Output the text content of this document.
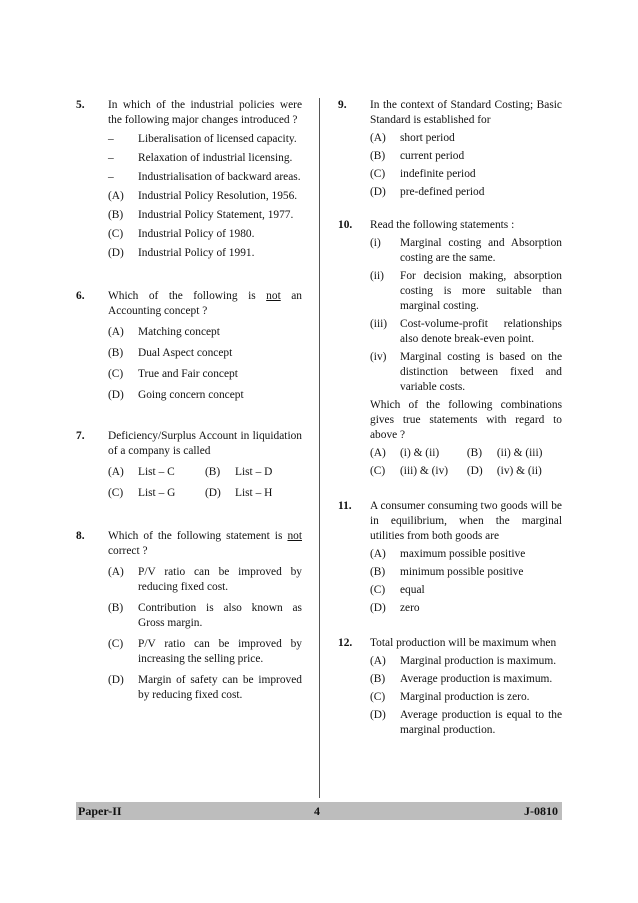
5. In which of the industrial policies were the following major changes introduced ?
– Liberalisation of licensed capacity.
– Relaxation of industrial licensing.
– Industrialisation of backward areas.
(A) Industrial Policy Resolution, 1956.
(B) Industrial Policy Statement, 1977.
(C) Industrial Policy of 1980.
(D) Industrial Policy of 1991.
6. Which of the following is not an Accounting concept ?
(A) Matching concept
(B) Dual Aspect concept
(C) True and Fair concept
(D) Going concern concept
7. Deficiency/Surplus Account in liquidation of a company is called
(A) List – C	(B) List – D
(C) List – G	(D) List – H
8. Which of the following statement is not correct ?
(A) P/V ratio can be improved by reducing fixed cost.
(B) Contribution is also known as Gross margin.
(C) P/V ratio can be improved by increasing the selling price.
(D) Margin of safety can be improved by reducing fixed cost.
9. In the context of Standard Costing; Basic Standard is established for
(A) short period
(B) current period
(C) indefinite period
(D) pre-defined period
10. Read the following statements :
(i) Marginal costing and Absorption costing are the same.
(ii) For decision making, absorption costing is more suitable than marginal costing.
(iii) Cost-volume-profit relationships also denote break-even point.
(iv) Marginal costing is based on the distinction between fixed and variable costs.
Which of the following combinations gives true statements with regard to above ?
(A) (i) & (ii)	(B) (ii) & (iii)
(C) (iii) & (iv)	(D) (iv) & (ii)
11. A consumer consuming two goods will be in equilibrium, when the marginal utilities from both goods are
(A) maximum possible positive
(B) minimum possible positive
(C) equal
(D) zero
12. Total production will be maximum when
(A) Marginal production is maximum.
(B) Average production is maximum.
(C) Marginal production is zero.
(D) Average production is equal to the marginal production.
Paper-II	4	J-0810
